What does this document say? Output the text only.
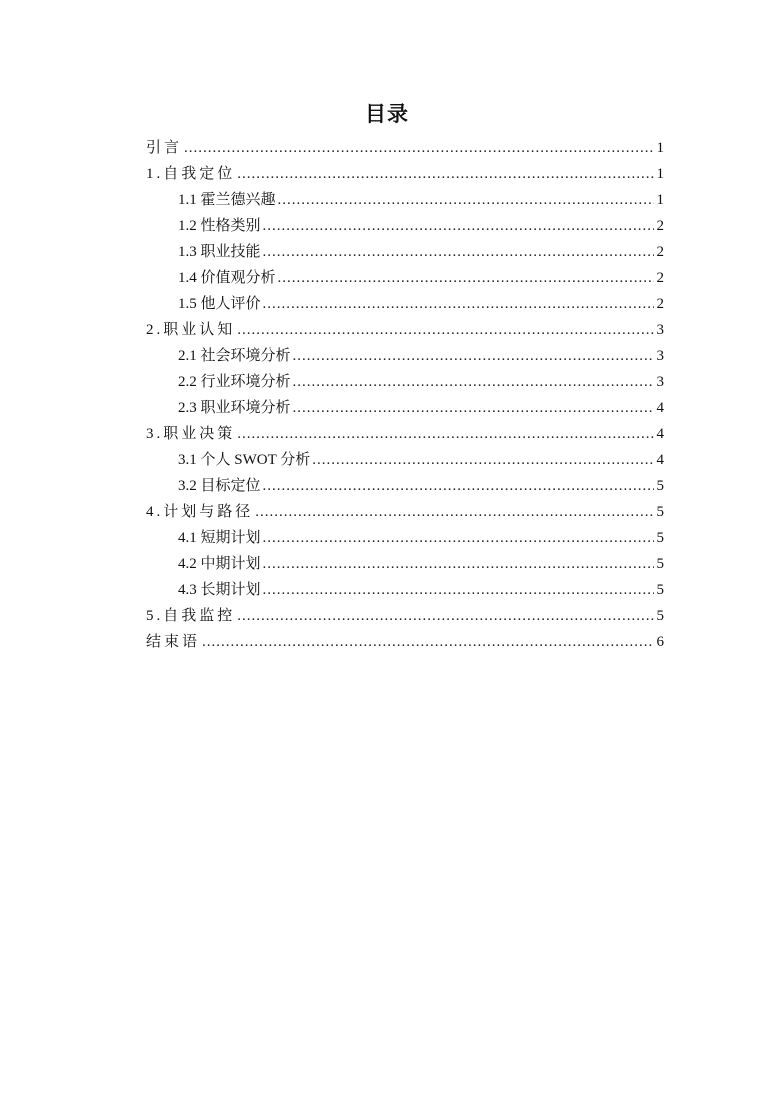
目录
引言 .....	1
1.自我定位 .....	1
1.1 霍兰德兴趣 .....	1
1.2 性格类别 .....	2
1.3 职业技能 .....	2
1.4 价值观分析 .....	2
1.5 他人评价 .....	2
2.职业认知 .....	3
2.1 社会环境分析 .....	3
2.2 行业环境分析 .....	3
2.3 职业环境分析 .....	4
3.职业决策 .....	4
3.1 个人 SWOT 分析 .....	4
3.2 目标定位 .....	5
4.计划与路径 .....	5
4.1 短期计划 .....	5
4.2 中期计划 .....	5
4.3 长期计划 .....	5
5.自我监控 .....	5
结束语 .....	6
